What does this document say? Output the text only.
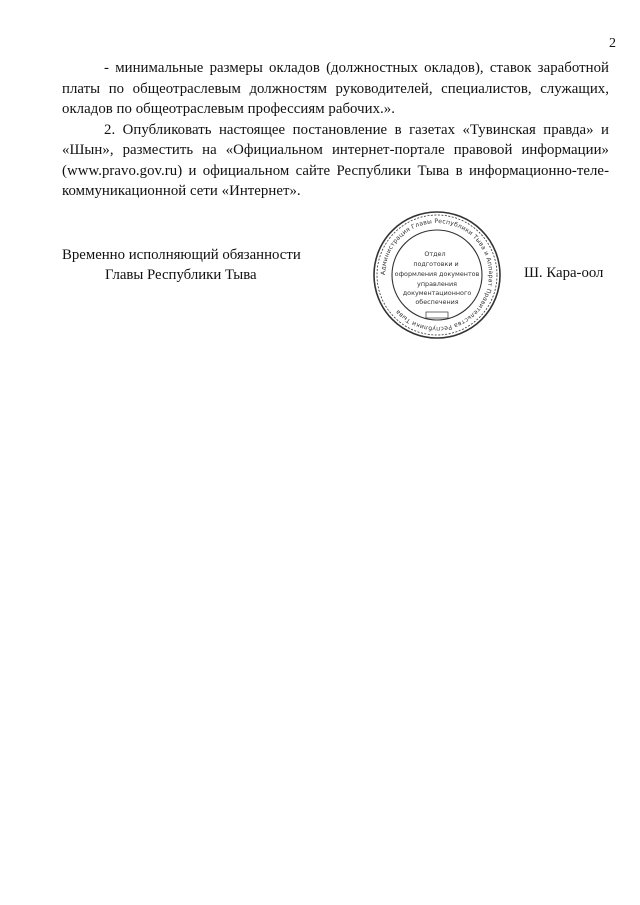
2

- минимальные размеры окладов (должностных окладов), ставок заработной платы по общеотраслевым должностям руководителей, специалистов, служащих, окладов по общеотраслевым профессиям рабочих.».

2. Опубликовать настоящее постановление в газетах «Тувинская правда» и «Шын», разместить на «Официальном интернет-портале правовой информации» (www.pravo.gov.ru) и официальном сайте Республики Тыва в информационно-телекоммуникационной сети «Интернет».

Временно исполняющий обязанности
Главы Республики Тыва	Ш. Кара-оол
Администрация Главы Республики Тыва и Аппарат Правительства Республики Тыва
Отдел
подготовки и
оформления документов
управления
документационного
обеспечения
